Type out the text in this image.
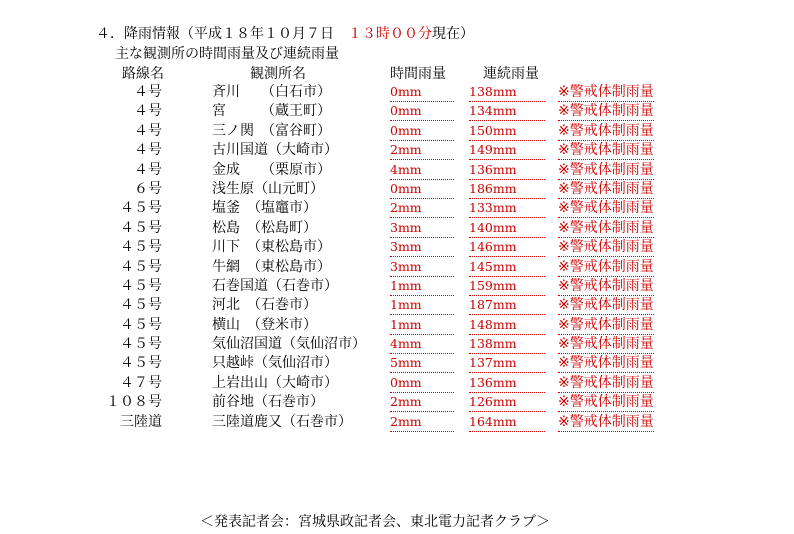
４．降雨情報（平成１８年１０月７日　１３時００分現在）
主な観測所の時間雨量及び連続雨量
路線名	観測所名	時間雨量	連続雨量
４号	斉川　　（白石市）	0mm	138mm	※警戒体制雨量
４号	宮　　　（蔵王町）	0mm	134mm	※警戒体制雨量
４号	三ノ関　（富谷町）	0mm	150mm	※警戒体制雨量
４号	古川国道（大崎市）	2mm	149mm	※警戒体制雨量
４号	金成　　（栗原市）	4mm	136mm	※警戒体制雨量
６号	浅生原（山元町）	0mm	186mm	※警戒体制雨量
４５号	塩釜　（塩竈市）	2mm	133mm	※警戒体制雨量
４５号	松島　（松島町）	3mm	140mm	※警戒体制雨量
４５号	川下　（東松島市）	3mm	146mm	※警戒体制雨量
４５号	牛網　（東松島市）	3mm	145mm	※警戒体制雨量
４５号	石巻国道（石巻市）	1mm	159mm	※警戒体制雨量
４５号	河北　（石巻市）	1mm	187mm	※警戒体制雨量
４５号	横山　（登米市）	1mm	148mm	※警戒体制雨量
４５号	気仙沼国道（気仙沼市） 4mm	138mm	※警戒体制雨量
４５号	只越峠（気仙沼市）	5mm	137mm	※警戒体制雨量
４７号	上岩出山（大崎市）	0mm	136mm	※警戒体制雨量
１０８号	前谷地（石巻市）	2mm	126mm	※警戒体制雨量
三陸道	三陸道鹿又（石巻市）	2mm	164mm	※警戒体制雨量
＜発表記者会：宮城県政記者会、東北電力記者クラブ＞
